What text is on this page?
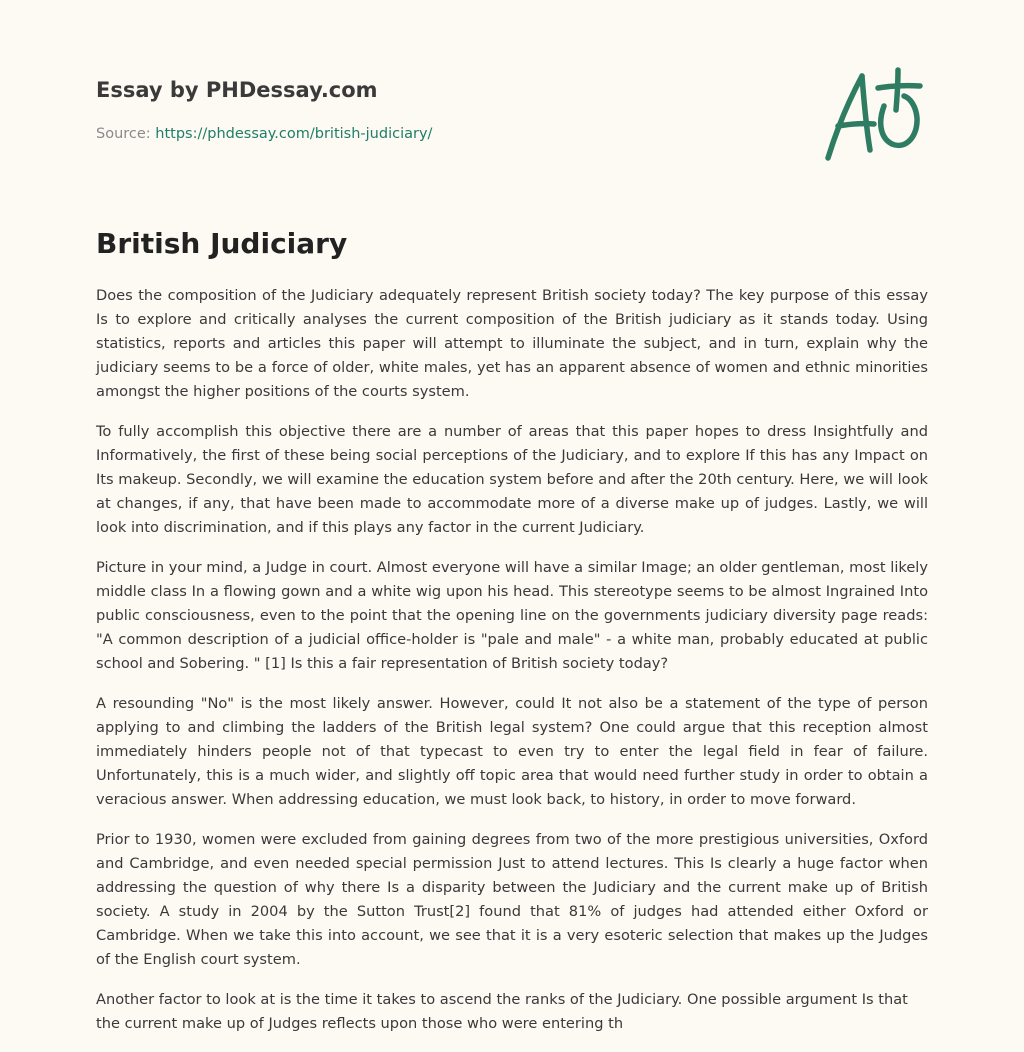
Essay by PHDessay.com
Source: https://phdessay.com/british-judiciary/
British Judiciary

Does the composition of the Judiciary adequately represent British society today? The key purpose of this essay Is to explore and critically analyses the current composition of the British judiciary as it stands today. Using statistics, reports and articles this paper will attempt to illuminate the subject, and in turn, explain why the judiciary seems to be a force of older, white males, yet has an apparent absence of women and ethnic minorities amongst the higher positions of the courts system.

To fully accomplish this objective there are a number of areas that this paper hopes to dress Insightfully and Informatively, the first of these being social perceptions of the Judiciary, and to explore If this has any Impact on Its makeup. Secondly, we will examine the education system before and after the 20th century. Here, we will look at changes, if any, that have been made to accommodate more of a diverse make up of judges. Lastly, we will look into discrimination, and if this plays any factor in the current Judiciary.

Picture in your mind, a Judge in court. Almost everyone will have a similar Image; an older gentleman, most likely middle class In a flowing gown and a white wig upon his head. This stereotype seems to be almost Ingrained Into public consciousness, even to the point that the opening line on the governments judiciary diversity page reads: "A common description of a judicial office-holder is "pale and male" - a white man, probably educated at public school and Sobering. " [1] Is this a fair representation of British society today?

A resounding "No" is the most likely answer. However, could It not also be a statement of the type of person applying to and climbing the ladders of the British legal system? One could argue that this reception almost immediately hinders people not of that typecast to even try to enter the legal field in fear of failure. Unfortunately, this is a much wider, and slightly off topic area that would need further study in order to obtain a veracious answer. When addressing education, we must look back, to history, in order to move forward.

Prior to 1930, women were excluded from gaining degrees from two of the more prestigious universities, Oxford and Cambridge, and even needed special permission Just to attend lectures. This Is clearly a huge factor when addressing the question of why there Is a disparity between the Judiciary and the current make up of British society. A study in 2004 by the Sutton Trust[2] found that 81% of judges had attended either Oxford or Cambridge. When we take this into account, we see that it is a very esoteric selection that makes up the Judges of the English court system.

Another factor to look at is the time it takes to ascend the ranks of the Judiciary. One possible argument Is that the current make up of Judges reflects upon those who were entering th
